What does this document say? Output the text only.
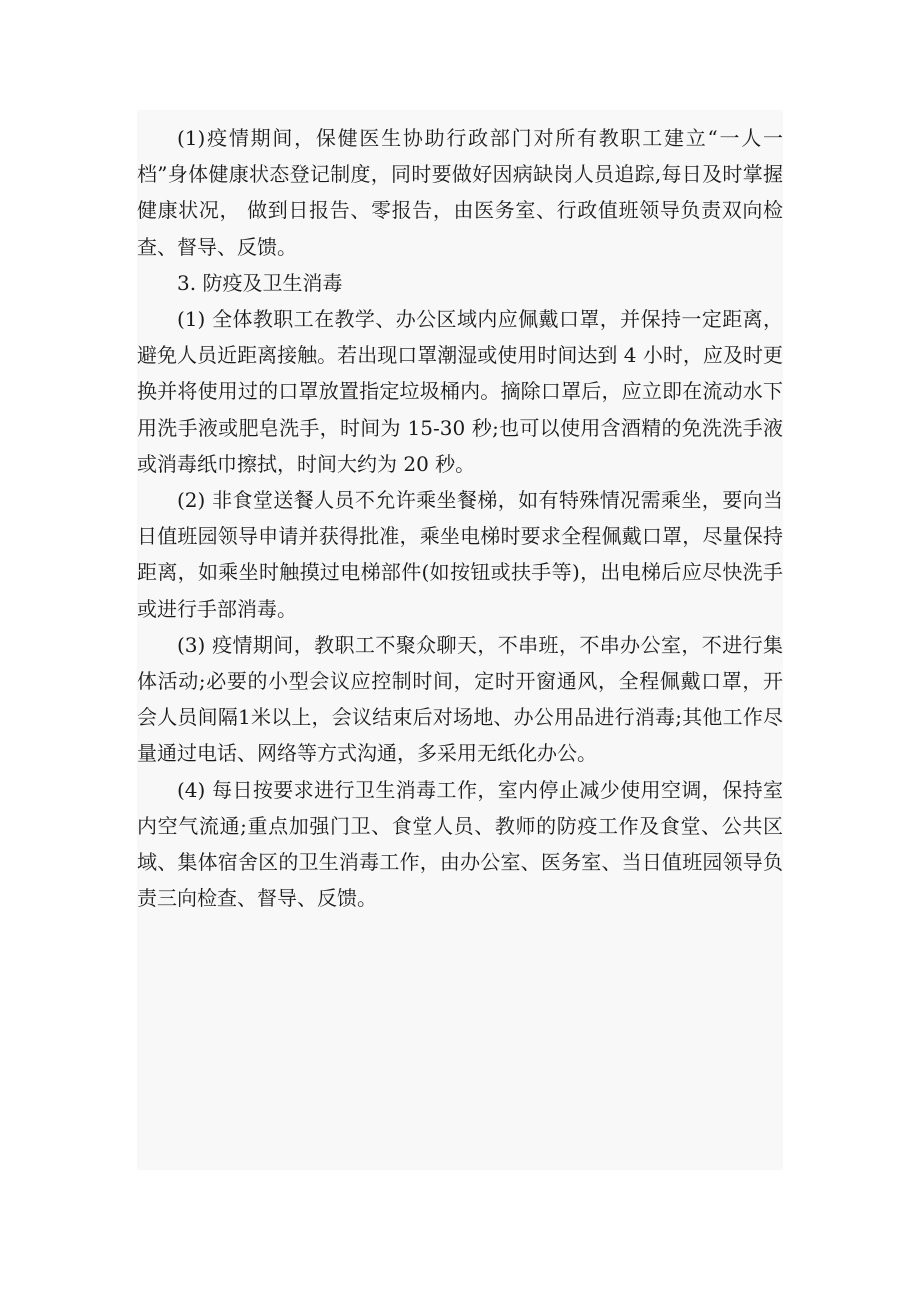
(1)疫情期间，保健医生协助行政部门对所有教职工建立“一人一档”身体健康状态登记制度，同时要做好因病缺岗人员追踪,每日及时掌握健康状况， 做到日报告、零报告，由医务室、行政值班领导负责双向检查、督导、反馈。

3. 防疫及卫生消毒

(1) 全体教职工在教学、办公区域内应佩戴口罩，并保持一定距离，避免人员近距离接触。若出现口罩潮湿或使用时间达到 4 小时，应及时更换并将使用过的口罩放置指定垃圾桶内。摘除口罩后，应立即在流动水下用洗手液或肥皂洗手，时间为 15-30 秒;也可以使用含酒精的免洗洗手液或消毒纸巾擦拭，时间大约为 20 秒。

(2) 非食堂送餐人员不允许乘坐餐梯，如有特殊情况需乘坐，要向当日值班园领导申请并获得批准，乘坐电梯时要求全程佩戴口罩，尽量保持距离，如乘坐时触摸过电梯部件(如按钮或扶手等)，出电梯后应尽快洗手或进行手部消毒。

(3) 疫情期间，教职工不聚众聊天，不串班，不串办公室，不进行集体活动;必要的小型会议应控制时间，定时开窗通风，全程佩戴口罩，开会人员间隔1米以上，会议结束后对场地、办公用品进行消毒;其他工作尽量通过电话、网络等方式沟通，多采用无纸化办公。

(4) 每日按要求进行卫生消毒工作，室内停止减少使用空调，保持室内空气流通;重点加强门卫、食堂人员、教师的防疫工作及食堂、公共区域、集体宿舍区的卫生消毒工作，由办公室、医务室、当日值班园领导负责三向检查、督导、反馈。
